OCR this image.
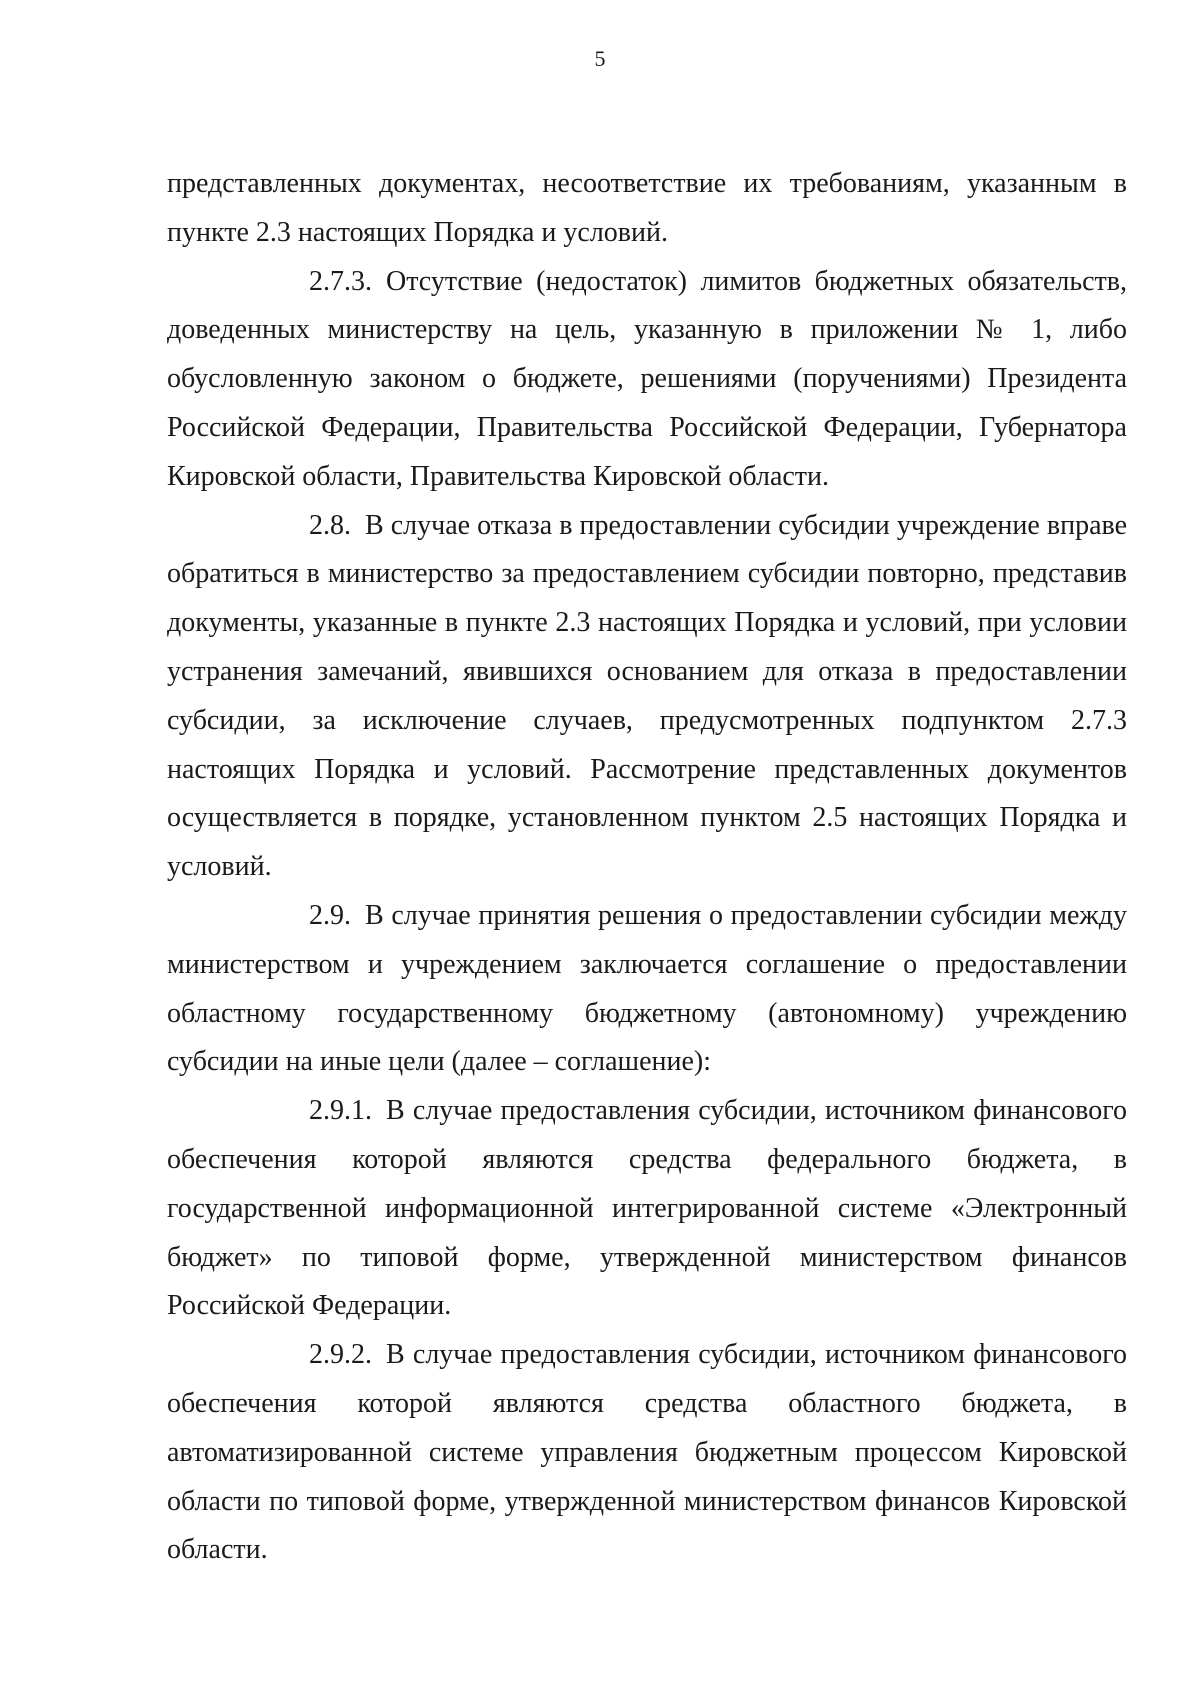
5

представленных документах, несоответствие их требованиям, указанным в пункте 2.3 настоящих Порядка и условий.

2.7.3. Отсутствие (недостаток) лимитов бюджетных обязательств, доведенных министерству на цель, указанную в приложении № 1, либо обусловленную законом о бюджете, решениями (поручениями) Президента Российской Федерации, Правительства Российской Федерации, Губернатора Кировской области, Правительства Кировской области.

2.8. В случае отказа в предоставлении субсидии учреждение вправе обратиться в министерство за предоставлением субсидии повторно, представив документы, указанные в пункте 2.3 настоящих Порядка и условий, при условии устранения замечаний, явившихся основанием для отказа в предоставлении субсидии, за исключение случаев, предусмотренных подпунктом 2.7.3 настоящих Порядка и условий. Рассмотрение представленных документов осуществляется в порядке, установленном пунктом 2.5 настоящих Порядка и условий.

2.9. В случае принятия решения о предоставлении субсидии между министерством и учреждением заключается соглашение о предоставлении областному государственному бюджетному (автономному) учреждению субсидии на иные цели (далее – соглашение):

2.9.1. В случае предоставления субсидии, источником финансового обеспечения которой являются средства федерального бюджета, в государственной информационной интегрированной системе «Электронный бюджет» по типовой форме, утвержденной министерством финансов Российской Федерации.

2.9.2. В случае предоставления субсидии, источником финансового обеспечения которой являются средства областного бюджета, в автоматизированной системе управления бюджетным процессом Кировской области по типовой форме, утвержденной министерством финансов Кировской области.
